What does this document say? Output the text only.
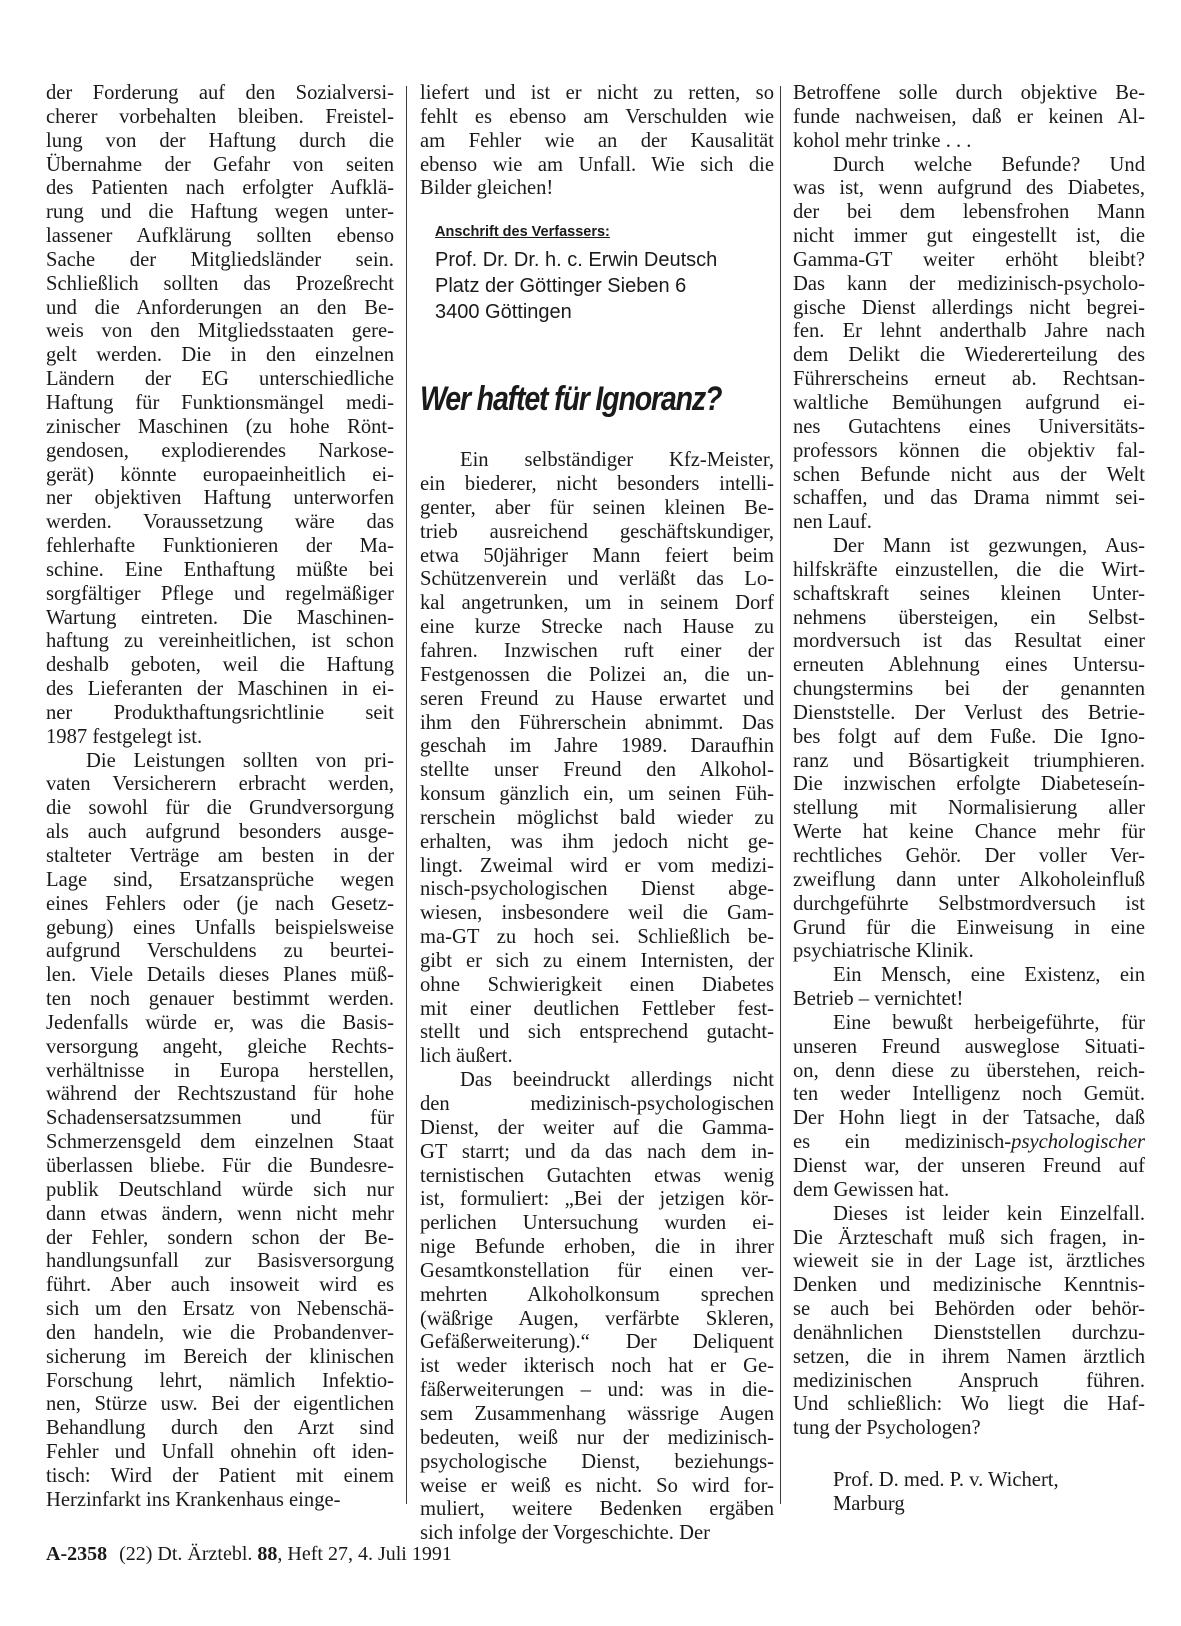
der Forderung auf den Sozialversi-
cherer vorbehalten bleiben. Freistel-
lung von der Haftung durch die
Übernahme der Gefahr von seiten
des Patienten nach erfolgter Aufklä-
rung und die Haftung wegen unter-
lassener Aufklärung sollten ebenso
Sache der Mitgliedsländer sein.
Schließlich sollten das Prozeßrecht
und die Anforderungen an den Be-
weis von den Mitgliedsstaaten gere-
gelt werden. Die in den einzelnen
Ländern der EG unterschiedliche
Haftung für Funktionsmängel medi-
zinischer Maschinen (zu hohe Rönt-
gendosen, explodierendes Narkose-
gerät) könnte europaeinheitlich ei-
ner objektiven Haftung unterworfen
werden. Voraussetzung wäre das
fehlerhafte Funktionieren der Ma-
schine. Eine Enthaftung müßte bei
sorgfältiger Pflege und regelmäßiger
Wartung eintreten. Die Maschinen-
haftung zu vereinheitlichen, ist schon
deshalb geboten, weil die Haftung
des Lieferanten der Maschinen in ei-
ner Produkthaftungsrichtlinie seit
1987 festgelegt ist.
Die Leistungen sollten von pri-
vaten Versicherern erbracht werden,
die sowohl für die Grundversorgung
als auch aufgrund besonders ausge-
stalteter Verträge am besten in der
Lage sind, Ersatzansprüche wegen
eines Fehlers oder (je nach Gesetz-
gebung) eines Unfalls beispielsweise
aufgrund Verschuldens zu beurtei-
len. Viele Details dieses Planes müß-
ten noch genauer bestimmt werden.
Jedenfalls würde er, was die Basis-
versorgung angeht, gleiche Rechts-
verhältnisse in Europa herstellen,
während der Rechtszustand für hohe
Schadensersatzsummen und für
Schmerzensgeld dem einzelnen Staat
überlassen bliebe. Für die Bundesre-
publik Deutschland würde sich nur
dann etwas ändern, wenn nicht mehr
der Fehler, sondern schon der Be-
handlungsunfall zur Basisversorgung
führt. Aber auch insoweit wird es
sich um den Ersatz von Nebenschä-
den handeln, wie die Probandenver-
sicherung im Bereich der klinischen
Forschung lehrt, nämlich Infektio-
nen, Stürze usw. Bei der eigentlichen
Behandlung durch den Arzt sind
Fehler und Unfall ohnehin oft iden-
tisch: Wird der Patient mit einem
Herzinfarkt ins Krankenhaus einge-
liefert und ist er nicht zu retten, so
fehlt es ebenso am Verschulden wie
am Fehler wie an der Kausalität
ebenso wie am Unfall. Wie sich die
Bilder gleichen!
Anschrift des Verfassers:
Prof. Dr. Dr. h. c. Erwin Deutsch
Platz der Göttinger Sieben 6
3400 Göttingen
Wer haftet für Ignoranz?
Ein selbständiger Kfz-Meister,
ein biederer, nicht besonders intelli-
genter, aber für seinen kleinen Be-
trieb ausreichend geschäftskundiger,
etwa 50jähriger Mann feiert beim
Schützenverein und verläßt das Lo-
kal angetrunken, um in seinem Dorf
eine kurze Strecke nach Hause zu
fahren. Inzwischen ruft einer der
Festgenossen die Polizei an, die un-
seren Freund zu Hause erwartet und
ihm den Führerschein abnimmt. Das
geschah im Jahre 1989. Daraufhin
stellte unser Freund den Alkohol-
konsum gänzlich ein, um seinen Füh-
rerschein möglichst bald wieder zu
erhalten, was ihm jedoch nicht ge-
lingt. Zweimal wird er vom medizi-
nisch-psychologischen Dienst abge-
wiesen, insbesondere weil die Gam-
ma-GT zu hoch sei. Schließlich be-
gibt er sich zu einem Internisten, der
ohne Schwierigkeit einen Diabetes
mit einer deutlichen Fettleber fest-
stellt und sich entsprechend gutacht-
lich äußert.
Das beeindruckt allerdings nicht
den medizinisch-psychologischen
Dienst, der weiter auf die Gamma-
GT starrt; und da das nach dem in-
ternistischen Gutachten etwas wenig
ist, formuliert: „Bei der jetzigen kör-
perlichen Untersuchung wurden ei-
nige Befunde erhoben, die in ihrer
Gesamtkonstellation für einen ver-
mehrten Alkoholkonsum sprechen
(wäßrige Augen, verfärbte Skleren,
Gefäßerweiterung).“ Der Deliquent
ist weder ikterisch noch hat er Ge-
fäßerweiterungen – und: was in die-
sem Zusammenhang wässrige Augen
bedeuten, weiß nur der medizinisch-
psychologische Dienst, beziehungs-
weise er weiß es nicht. So wird for-
muliert, weitere Bedenken ergäben
sich infolge der Vorgeschichte. Der
Betroffene solle durch objektive Be-
funde nachweisen, daß er keinen Al-
kohol mehr trinke . . .
Durch welche Befunde? Und
was ist, wenn aufgrund des Diabetes,
der bei dem lebensfrohen Mann
nicht immer gut eingestellt ist, die
Gamma-GT weiter erhöht bleibt?
Das kann der medizinisch-psycholo-
gische Dienst allerdings nicht begrei-
fen. Er lehnt anderthalb Jahre nach
dem Delikt die Wiedererteilung des
Führerscheins erneut ab. Rechtsan-
waltliche Bemühungen aufgrund ei-
nes Gutachtens eines Universitäts-
professors können die objektiv fal-
schen Befunde nicht aus der Welt
schaffen, und das Drama nimmt sei-
nen Lauf.
Der Mann ist gezwungen, Aus-
hilfskräfte einzustellen, die die Wirt-
schaftskraft seines kleinen Unter-
nehmens übersteigen, ein Selbst-
mordversuch ist das Resultat einer
erneuten Ablehnung eines Untersu-
chungstermins bei der genannten
Dienststelle. Der Verlust des Betrie-
bes folgt auf dem Fuße. Die Igno-
ranz und Bösartigkeit triumphieren.
Die inzwischen erfolgte Diabeteseín-
stellung mit Normalisierung aller
Werte hat keine Chance mehr für
rechtliches Gehör. Der voller Ver-
zweiflung dann unter Alkoholeinfluß
durchgeführte Selbstmordversuch ist
Grund für die Einweisung in eine
psychiatrische Klinik.
Ein Mensch, eine Existenz, ein
Betrieb – vernichtet!
Eine bewußt herbeigeführte, für
unseren Freund ausweglose Situati-
on, denn diese zu überstehen, reich-
ten weder Intelligenz noch Gemüt.
Der Hohn liegt in der Tatsache, daß
es ein medizinisch-psychologischer
Dienst war, der unseren Freund auf
dem Gewissen hat.
Dieses ist leider kein Einzelfall.
Die Ärzteschaft muß sich fragen, in-
wieweit sie in der Lage ist, ärztliches
Denken und medizinische Kenntnis-
se auch bei Behörden oder behör-
denähnlichen Dienststellen durchzu-
setzen, die in ihrem Namen ärztlich
medizinischen Anspruch führen.
Und schließlich: Wo liegt die Haf-
tung der Psychologen?
Prof. D. med. P. v. Wichert,
Marburg
A-2358 (22) Dt. Ärztebl. 88, Heft 27, 4. Juli 1991
